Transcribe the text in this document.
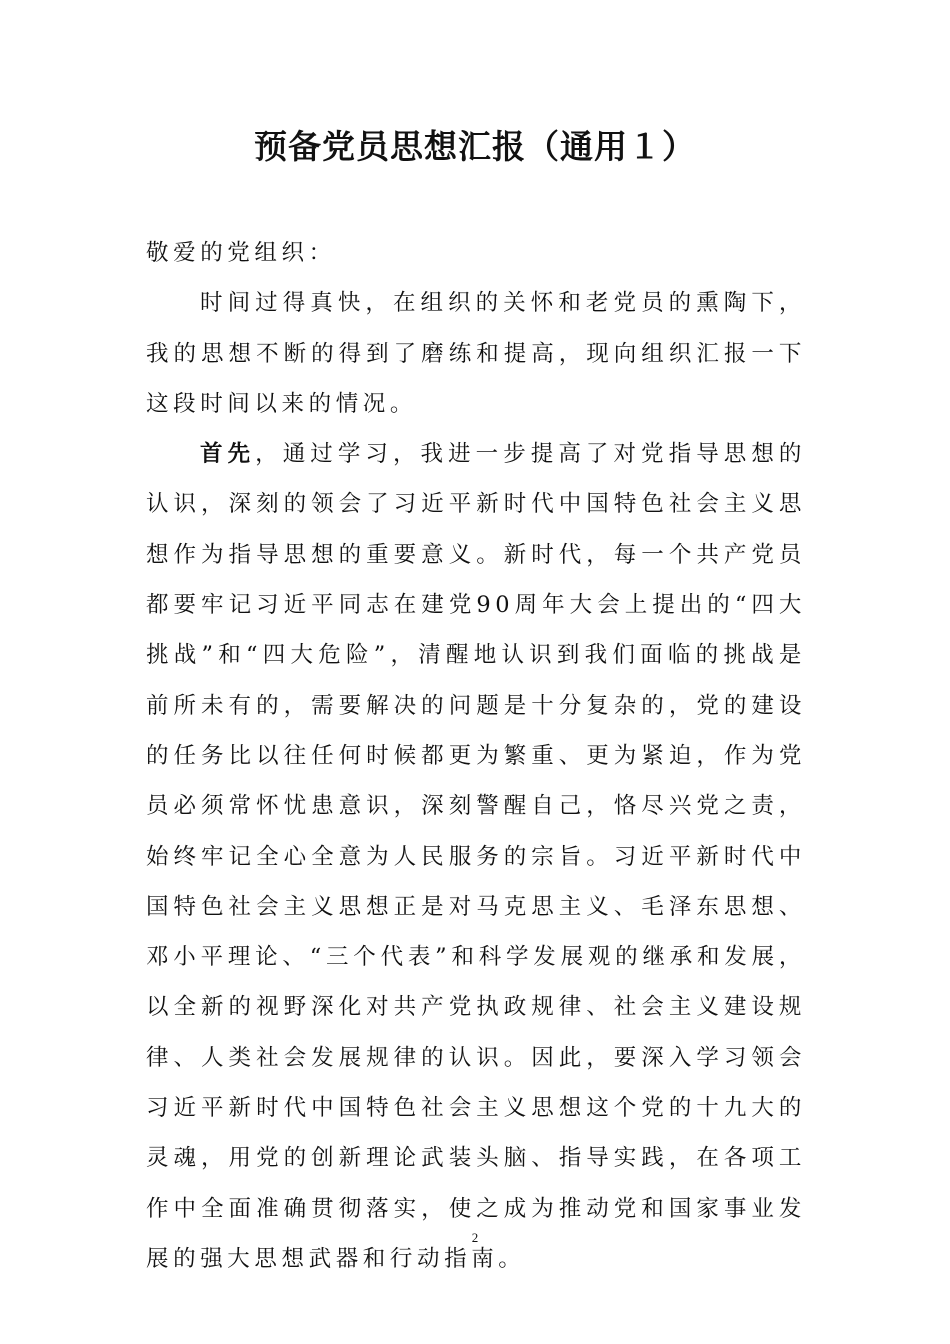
预备党员思想汇报（通用１）

敬爱的党组织：

时间过得真快，在组织的关怀和老党员的熏陶下，我的思想不断的得到了磨练和提高，现向组织汇报一下这段时间以来的情况。

首先，通过学习，我进一步提高了对党指导思想的认识，深刻的领会了习近平新时代中国特色社会主义思想作为指导思想的重要意义。新时代，每一个共产党员都要牢记习近平同志在建党90周年大会上提出的“四大挑战”和“四大危险”，清醒地认识到我们面临的挑战是前所未有的，需要解决的问题是十分复杂的，党的建设的任务比以往任何时候都更为繁重、更为紧迫，作为党员必须常怀忧患意识，深刻警醒自己，恪尽兴党之责，始终牢记全心全意为人民服务的宗旨。习近平新时代中国特色社会主义思想正是对马克思主义、毛泽东思想、邓小平理论、“三个代表”和科学发展观的继承和发展，以全新的视野深化对共产党执政规律、社会主义建设规律、人类社会发展规律的认识。因此，要深入学习领会习近平新时代中国特色社会主义思想这个党的十九大的灵魂，用党的创新理论武装头脑、指导实践，在各项工作中全面准确贯彻落实，使之成为推动党和国家事业发展的强大思想武器和行动指南。

2
